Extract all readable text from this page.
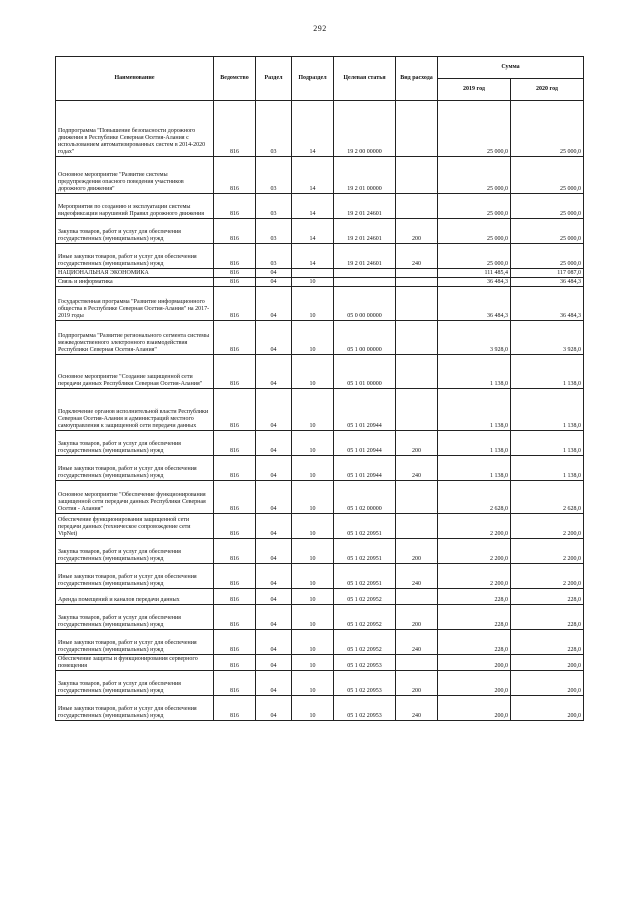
292
Наименование	Ведомство	Раздел	Подраздел	Целевая статья	Вид расхода	Сумма	
						2019 год	2020 год
Подпрограмма "Повышение безопасности дорожного движения в Республике Северная Осетия-Алания с использованием автоматизированных систем в 2014-2020 годах"	816	03	14	19 2 00 00000		25 000,0	25 000,0
Основное мероприятие "Развитие системы предупреждения опасного поведения участников дорожного движения"	816	03	14	19 2 01 00000		25 000,0	25 000,0
Мероприятия по созданию и эксплуатации системы видеофиксации нарушений Правил дорожного движения	816	03	14	19 2 01 24601		25 000,0	25 000,0
Закупка товаров, работ и услуг для обеспечения государственных (муниципальных) нужд	816	03	14	19 2 01 24601	200	25 000,0	25 000,0
Иные закупки товаров, работ и услуг для обеспечения государственных (муниципальных) нужд	816	03	14	19 2 01 24601	240	25 000,0	25 000,0
НАЦИОНАЛЬНАЯ ЭКОНОМИКА	816	04				111 485,4	117 087,0
Связь и информатика	816	04	10			36 484,3	36 484,3
Государственная программа "Развитие информационного общества в Республике Северная Осетия-Алания" на 2017-2019 годы	816	04	10	05 0 00 00000		36 484,3	36 484,3
Подпрограмма "Развитие регионального сегмента системы межведомственного электронного взаимодействия Республики Северная Осетия-Алания"	816	04	10	05 1 00 00000		3 928,0	3 928,0
Основное мероприятие "Создание защищенной сети передачи данных Республики Северная Осетия-Алания"	816	04	10	05 1 01 00000		1 138,0	1 138,0
Подключение органов исполнительной власти Республики Северная Осетия-Алания и администраций местного самоуправления к защищенной сети передачи данных	816	04	10	05 1 01 20944		1 138,0	1 138,0
Закупка товаров, работ и услуг для обеспечения государственных (муниципальных) нужд	816	04	10	05 1 01 20944	200	1 138,0	1 138,0
Иные закупки товаров, работ и услуг для обеспечения государственных (муниципальных) нужд	816	04	10	05 1 01 20944	240	1 138,0	1 138,0
Основное мероприятие "Обеспечение функционирования защищенной сети передачи данных Республики Северная Осетия - Алания"	816	04	10	05 1 02 00000		2 628,0	2 628,0
Обеспечение функционирования защищенной сети передачи данных (техническое сопровождение сети VipNet)	816	04	10	05 1 02 20951		2 200,0	2 200,0
Закупка товаров, работ и услуг для обеспечения государственных (муниципальных) нужд	816	04	10	05 1 02 20951	200	2 200,0	2 200,0
Иные закупки товаров, работ и услуг для обеспечения государственных (муниципальных) нужд	816	04	10	05 1 02 20951	240	2 200,0	2 200,0
Аренда помещений и каналов передачи данных	816	04	10	05 1 02 20952		228,0	228,0
Закупка товаров, работ и услуг для обеспечения государственных (муниципальных) нужд	816	04	10	05 1 02 20952	200	228,0	228,0
Иные закупки товаров, работ и услуг для обеспечения государственных (муниципальных) нужд	816	04	10	05 1 02 20952	240	228,0	228,0
Обеспечение защиты и функционирования серверного помещения	816	04	10	05 1 02 20953		200,0	200,0
Закупка товаров, работ и услуг для обеспечения государственных (муниципальных) нужд	816	04	10	05 1 02 20953	200	200,0	200,0
Иные закупки товаров, работ и услуг для обеспечения государственных (муниципальных) нужд	816	04	10	05 1 02 20953	240	200,0	200,0
